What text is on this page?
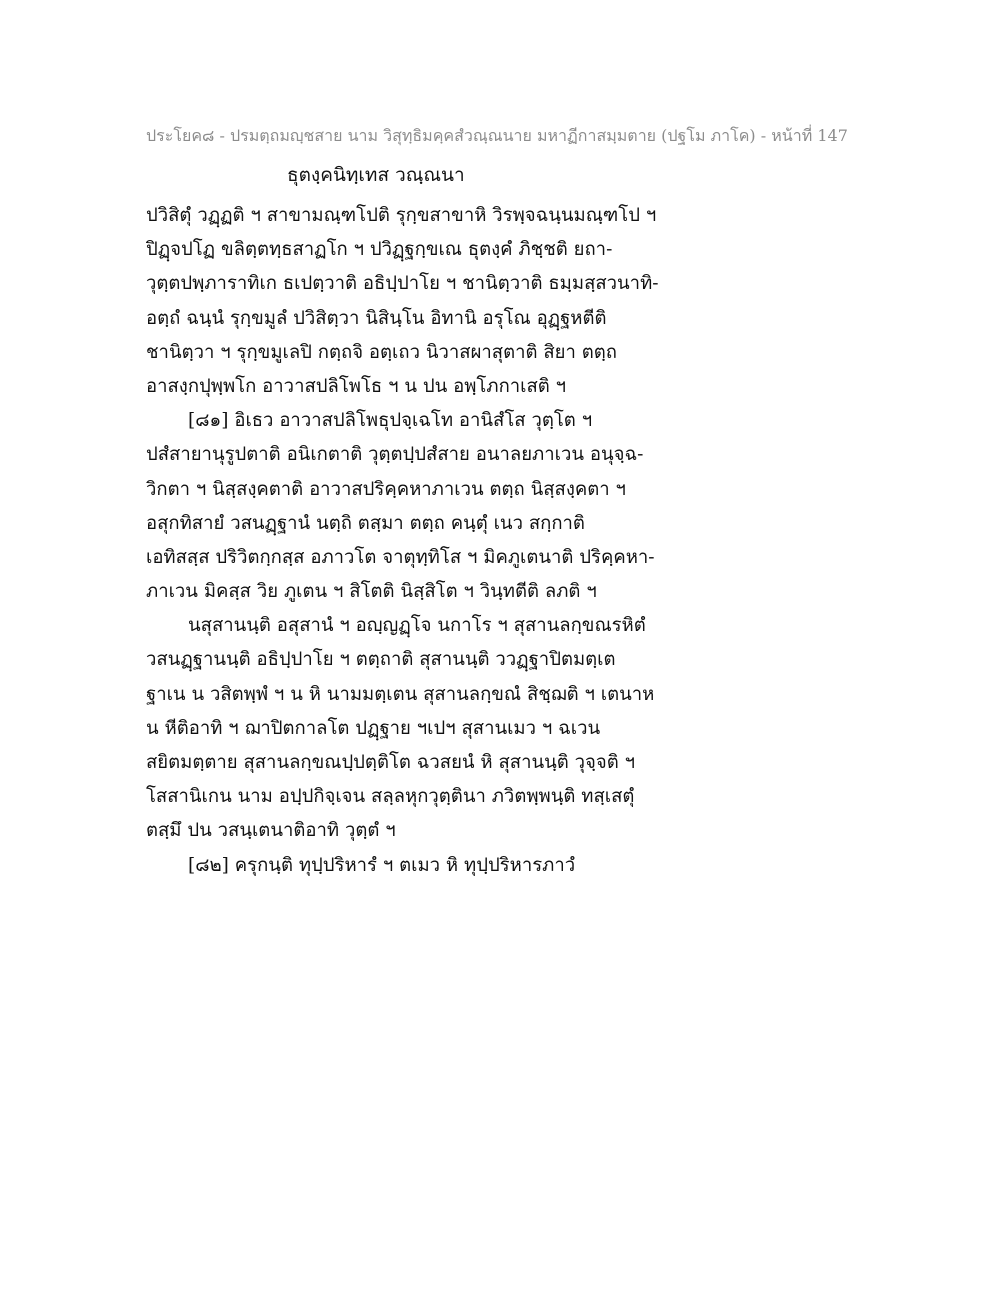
ประโยค๘ - ปรมตฺถมญฺชสาย นาม วิสุทฺธิมคฺคสํวณฺณนาย มหาฏีกาสมฺมตาย (ปฐโม ภาโค) - หน้าที่ 147
ธุตงฺคนิทฺเทส วณฺณนา
ปวิสิตุํ วฏฺฏติ ฯ สาขามณฺฑโปติ รุกฺขสาขาหิ วิรพฺจฉนฺนมณฺฑโป ฯ
ปิฏฺจปโฏ ขลิตฺตทฺธสาฏโก ฯ ปวิฏฺฐกฺขเณ ธุตงฺคํ ภิชฺชติ ยถา-
วุตฺตปพฺภาราทิเก ธเปตฺวาติ อธิปฺปาโย ฯ ชานิตฺวาติ ธมฺมสฺสวนาทิ-
อตฺถํ ฉนฺนํ รุกฺขมูลํ ปวิสิตฺวา นิสินฺโน อิทานิ อรุโณ อุฏฺฐหตีติ
ชานิตฺวา ฯ รุกฺขมูเลปิ กตฺถจิ อตฺเถว นิวาสผาสุตาติ สิยา ตตฺถ
อาสงฺกปุพฺพโก อาวาสปลิโพโธ ฯ น ปน อพฺโภกาเสติ ฯ
[๘๑] อิเธว อาวาสปลิโพธุปจฺเฉโท อานิสํโส วุตฺโต ฯ
ปสํสายานุรูปตาติ อนิเกตาติ วุตฺตปฺปสํสาย อนาลยภาเวน อนุจฺฉ-
วิกตา ฯ นิสฺสงฺคตาติ อาวาสปริคฺคหาภาเวน ตตฺถ นิสฺสงฺคตา ฯ
อสุกทิสายํ วสนฏฺฐานํ นตฺถิ ตสฺมา ตตฺถ คนฺตุํ เนว สกฺกาติ
เอทิสสฺส ปริวิตกฺกสฺส อภาวโต จาตุทฺทิโส ฯ มิคภูเตนาติ ปริคฺคหา-
ภาเวน มิคสฺส วิย ภูเตน ฯ สิโตติ นิสฺสิโต ฯ วินฺทตีติ ลภติ ฯ
นสุสานนฺติ อสุสานํ ฯ อญฺญฏฺโจ นกาโร ฯ สุสานลกฺขณรหิตํ
วสนฏฺฐานนฺติ อธิปฺปาโย ฯ ตตฺถาติ สุสานนฺติ ววฏฺฐาปิตมตฺเต
ฐาเน น วสิตพฺพํ ฯ น หิ นามมตฺเตน สุสานลกฺขณํ สิชฺฌติ ฯ เตนาห
น หีติอาทิ ฯ ฌาปิตกาลโต ปฏฺฐาย ฯเปฯ สุสานเมว ฯ ฉเวน
สยิตมตฺตาย สุสานลกฺขณปฺปตฺติโต ฉวสยนํ หิ สุสานนฺติ วุจฺจติ ฯ
โสสานิเกน นาม อปฺปกิจฺเจน สลฺลหุกวุตฺตินา ภวิตพฺพนฺติ ทสฺเสตุํ
ตสฺมึ ปน วสนฺเตนาติอาทิ วุตฺตํ ฯ
[๘๒] ครุกนฺติ ทุปฺปริหารํ ฯ ตเมว หิ ทุปฺปริหารภาวํ
